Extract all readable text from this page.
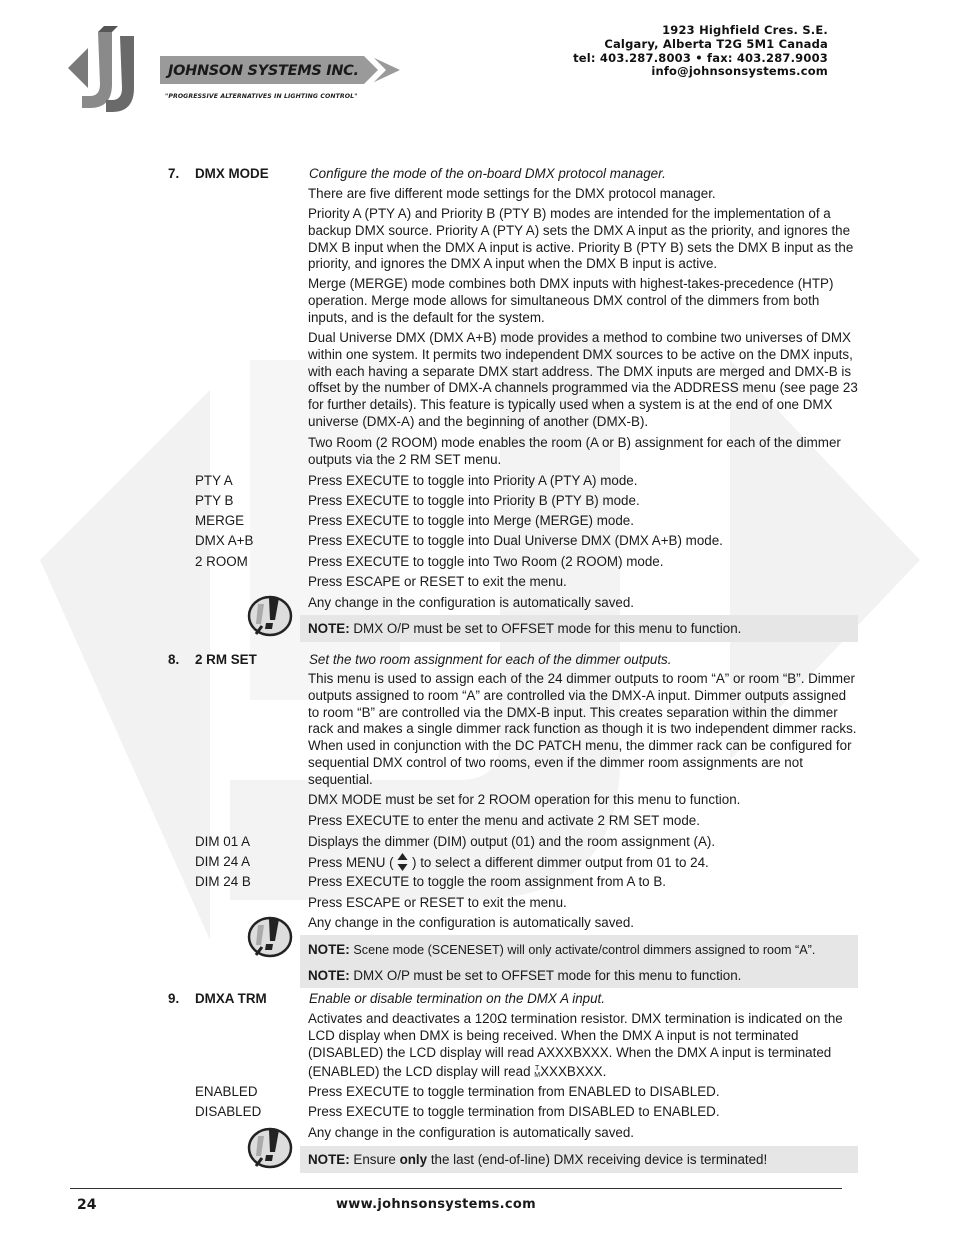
JOHNSON SYSTEMS INC.
"PROGRESSIVE ALTERNATIVES IN LIGHTING CONTROL"
1923 Highfield Cres. S.E.
Calgary, Alberta T2G 5M1 Canada
tel: 403.287.8003 • fax: 403.287.9003
info@johnsonsystems.com
7. DMX MODE	Configure the mode of the on-board DMX protocol manager.
There are five different mode settings for the DMX protocol manager.
Priority A (PTY A) and Priority B (PTY B) modes are intended for the implementation of a backup DMX source. Priority A (PTY A) sets the DMX A input as the priority, and ignores the DMX B input when the DMX A input is active. Priority B (PTY B) sets the DMX B input as the priority, and ignores the DMX A input when the DMX B input is active.
Merge (MERGE) mode combines both DMX inputs with highest-takes-precedence (HTP) operation. Merge mode allows for simultaneous DMX control of the dimmers from both inputs, and is the default for the system.
Dual Universe DMX (DMX A+B) mode provides a method to combine two universes of DMX within one system. It permits two independent DMX sources to be active on the DMX inputs, with each having a separate DMX start address. The DMX inputs are merged and DMX-B is offset by the number of DMX-A channels programmed via the ADDRESS menu (see page 23 for further details). This feature is typically used when a system is at the end of one DMX universe (DMX-A) and the beginning of another (DMX-B).
Two Room (2 ROOM) mode enables the room (A or B) assignment for each of the dimmer outputs via the 2 RM SET menu.
PTY A	Press EXECUTE to toggle into Priority A (PTY A) mode.
PTY B	Press EXECUTE to toggle into Priority B (PTY B) mode.
MERGE	Press EXECUTE to toggle into Merge (MERGE) mode.
DMX A+B	Press EXECUTE to toggle into Dual Universe DMX (DMX A+B) mode.
2 ROOM	Press EXECUTE to toggle into Two Room (2 ROOM) mode.
Press ESCAPE or RESET to exit the menu.
Any change in the configuration is automatically saved.
NOTE: DMX O/P must be set to OFFSET mode for this menu to function.
8. 2 RM SET	Set the two room assignment for each of the dimmer outputs.
This menu is used to assign each of the 24 dimmer outputs to room “A” or room “B”. Dimmer outputs assigned to room “A” are controlled via the DMX-A input. Dimmer outputs assigned to room “B” are controlled via the DMX-B input. This creates separation within the dimmer rack and makes a single dimmer rack function as though it is two independent dimmer racks. When used in conjunction with the DC PATCH menu, the dimmer rack can be configured for sequential DMX control of two rooms, even if the dimmer room assignments are not sequential.
DMX MODE must be set for 2 ROOM operation for this menu to function.
Press EXECUTE to enter the menu and activate 2 RM SET mode.
DIM 01 A	Displays the dimmer (DIM) output (01) and the room assignment (A).
DIM 24 A	Press MENU ( ) to select a different dimmer output from 01 to 24.
DIM 24 B	Press EXECUTE to toggle the room assignment from A to B.
Press ESCAPE or RESET to exit the menu.
Any change in the configuration is automatically saved.
NOTE: Scene mode (SCENESET) will only activate/control dimmers assigned to room “A”.
NOTE: DMX O/P must be set to OFFSET mode for this menu to function.
9. DMXA TRM	Enable or disable termination on the DMX A input.
Activates and deactivates a 120Ω termination resistor. DMX termination is indicated on the LCD display when DMX is being received. When the DMX A input is not terminated (DISABLED) the LCD display will read AXXXBXXX. When the DMX A input is terminated
(ENABLED) the LCD display will read T
M XXXBXXX.
ENABLED	Press EXECUTE to toggle termination from ENABLED to DISABLED.
DISABLED	Press EXECUTE to toggle termination from DISABLED to ENABLED.
Any change in the configuration is automatically saved.
NOTE: Ensure only the last (end-of-line) DMX receiving device is terminated!
24	www.johnsonsystems.com
